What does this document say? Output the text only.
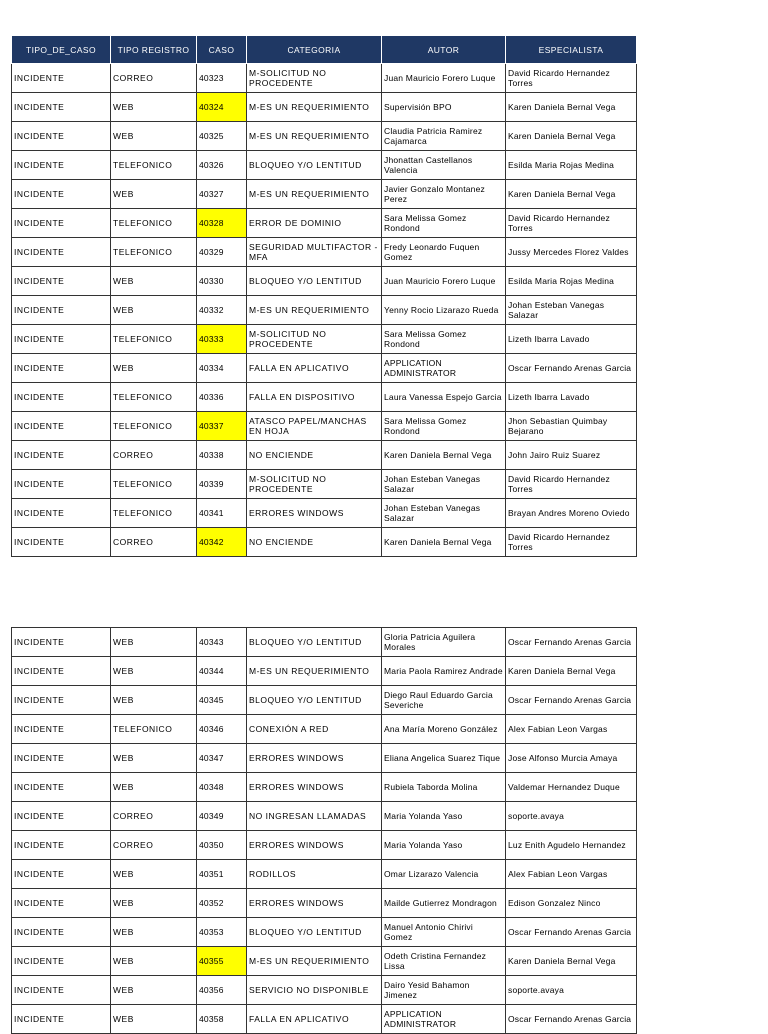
TIPO_DE_CASO	TIPO REGISTRO	CASO	CATEGORIA	AUTOR	ESPECIALISTA
INCIDENTE	CORREO	40323	M-SOLICITUD NO PROCEDENTE	Juan Mauricio Forero Luque	David Ricardo Hernandez Torres
INCIDENTE	WEB	40324	M-ES UN REQUERIMIENTO	Supervisión BPO	Karen Daniela Bernal Vega
INCIDENTE	WEB	40325	M-ES UN REQUERIMIENTO	Claudia Patricia Ramirez Cajamarca	Karen Daniela Bernal Vega
INCIDENTE	TELEFONICO	40326	BLOQUEO Y/O LENTITUD	Jhonattan Castellanos Valencia	Esilda Maria Rojas Medina
INCIDENTE	WEB	40327	M-ES UN REQUERIMIENTO	Javier Gonzalo Montanez Perez	Karen Daniela Bernal Vega
INCIDENTE	TELEFONICO	40328	ERROR DE DOMINIO	Sara Melissa Gomez Rondond	David Ricardo Hernandez Torres
INCIDENTE	TELEFONICO	40329	SEGURIDAD MULTIFACTOR -MFA	Fredy Leonardo Fuquen Gomez	Jussy Mercedes Florez Valdes
INCIDENTE	WEB	40330	BLOQUEO Y/O LENTITUD	Juan Mauricio Forero Luque	Esilda Maria Rojas Medina
INCIDENTE	WEB	40332	M-ES UN REQUERIMIENTO	Yenny Rocio Lizarazo Rueda	Johan Esteban Vanegas Salazar
INCIDENTE	TELEFONICO	40333	M-SOLICITUD NO PROCEDENTE	Sara Melissa Gomez Rondond	Lizeth Ibarra Lavado
INCIDENTE	WEB	40334	FALLA EN APLICATIVO	APPLICATION ADMINISTRATOR	Oscar Fernando Arenas Garcia
INCIDENTE	TELEFONICO	40336	FALLA EN DISPOSITIVO	Laura Vanessa Espejo Garcia	Lizeth Ibarra Lavado
INCIDENTE	TELEFONICO	40337	ATASCO PAPEL/MANCHAS EN HOJA	Sara Melissa Gomez Rondond	Jhon Sebastian Quimbay Bejarano
INCIDENTE	CORREO	40338	NO ENCIENDE	Karen Daniela Bernal Vega	John Jairo Ruiz Suarez
INCIDENTE	TELEFONICO	40339	M-SOLICITUD NO PROCEDENTE	Johan Esteban Vanegas Salazar	David Ricardo Hernandez Torres
INCIDENTE	TELEFONICO	40341	ERRORES WINDOWS	Johan Esteban Vanegas Salazar	Brayan Andres Moreno Oviedo
INCIDENTE	CORREO	40342	NO ENCIENDE	Karen Daniela Bernal Vega	David Ricardo Hernandez Torres
INCIDENTE	WEB	40343	BLOQUEO Y/O LENTITUD	Gloria Patricia Aguilera Morales	Oscar Fernando Arenas Garcia
INCIDENTE	WEB	40344	M-ES UN REQUERIMIENTO	Maria Paola Ramirez Andrade	Karen Daniela Bernal Vega
INCIDENTE	WEB	40345	BLOQUEO Y/O LENTITUD	Diego Raul Eduardo Garcia Severiche	Oscar Fernando Arenas Garcia
INCIDENTE	TELEFONICO	40346	CONEXIÓN A RED	Ana María Moreno González	Alex Fabian Leon Vargas
INCIDENTE	WEB	40347	ERRORES WINDOWS	Eliana Angelica Suarez Tique	Jose Alfonso Murcia Amaya
INCIDENTE	WEB	40348	ERRORES WINDOWS	Rubiela Taborda Molina	Valdemar Hernandez Duque
INCIDENTE	CORREO	40349	NO INGRESAN LLAMADAS	Maria Yolanda Yaso	soporte.avaya
INCIDENTE	CORREO	40350	ERRORES WINDOWS	Maria Yolanda Yaso	Luz Enith Agudelo Hernandez
INCIDENTE	WEB	40351	RODILLOS	Omar Lizarazo Valencia	Alex Fabian Leon Vargas
INCIDENTE	WEB	40352	ERRORES WINDOWS	Mailde Gutierrez Mondragon	Edison Gonzalez Ninco
INCIDENTE	WEB	40353	BLOQUEO Y/O LENTITUD	Manuel Antonio Chirivi Gomez	Oscar Fernando Arenas Garcia
INCIDENTE	WEB	40355	M-ES UN REQUERIMIENTO	Odeth Cristina Fernandez Lissa	Karen Daniela Bernal Vega
INCIDENTE	WEB	40356	SERVICIO NO DISPONIBLE	Dairo Yesid Bahamon Jimenez	soporte.avaya
INCIDENTE	WEB	40358	FALLA EN APLICATIVO	APPLICATION ADMINISTRATOR	Oscar Fernando Arenas Garcia
